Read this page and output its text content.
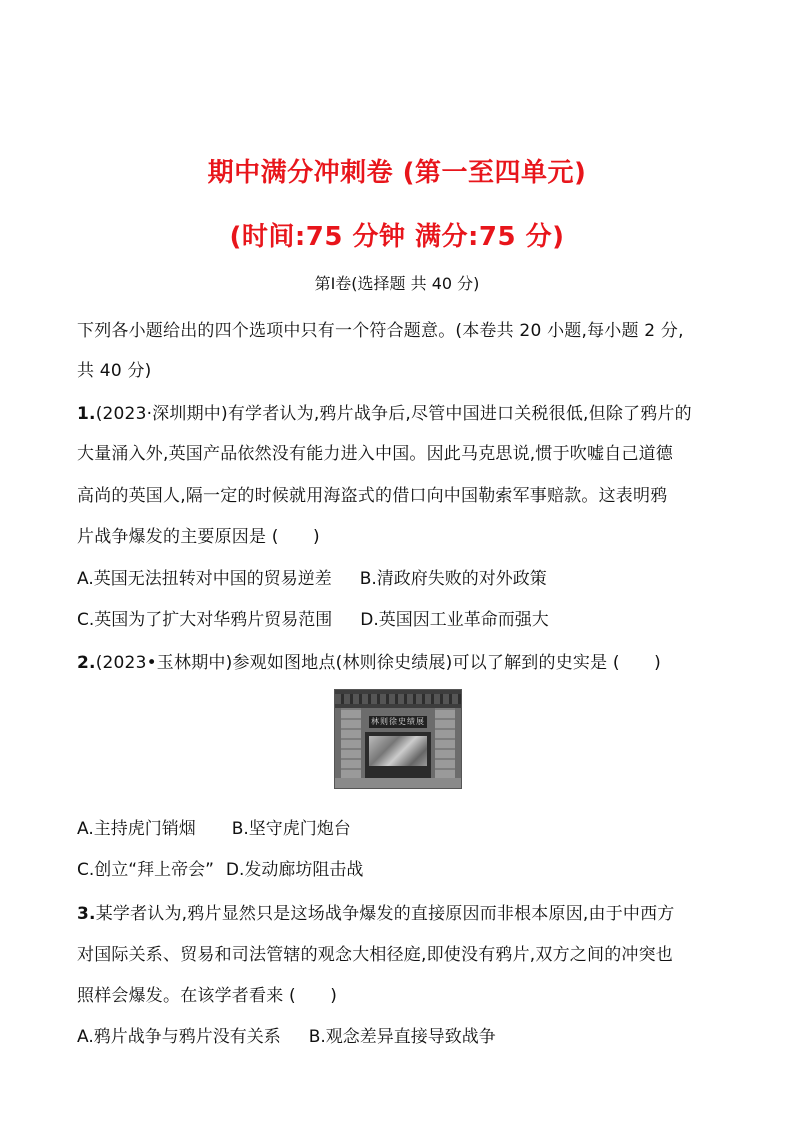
期中满分冲刺卷 (第一至四单元)
(时间:75 分钟 满分:75 分)
第Ⅰ卷(选择题 共 40 分)
下列各小题给出的四个选项中只有一个符合题意。(本卷共 20 小题,每小题 2 分,
共 40 分)
1.(2023·深圳期中)有学者认为,鸦片战争后,尽管中国进口关税很低,但除了鸦片的
大量涌入外,英国产品依然没有能力进入中国。因此马克思说,惯于吹嘘自己道德
高尚的英国人,隔一定的时候就用海盗式的借口向中国勒索军事赔款。这表明鸦
片战争爆发的主要原因是 (　　)
A.英国无法扭转对中国的贸易逆差 B.清政府失败的对外政策
C.英国为了扩大对华鸦片贸易范围 D.英国因工业革命而强大
2.(2023•玉林期中)参观如图地点(林则徐史绩展)可以了解到的史实是 (　　)
林则徐史绩展
A.主持虎门销烟 B.坚守虎门炮台
C.创立“拜上帝会” D.发动廊坊阻击战
3.某学者认为,鸦片显然只是这场战争爆发的直接原因而非根本原因,由于中西方
对国际关系、贸易和司法管辖的观念大相径庭,即使没有鸦片,双方之间的冲突也
照样会爆发。在该学者看来 (　　)
A.鸦片战争与鸦片没有关系 B.观念差异直接导致战争
